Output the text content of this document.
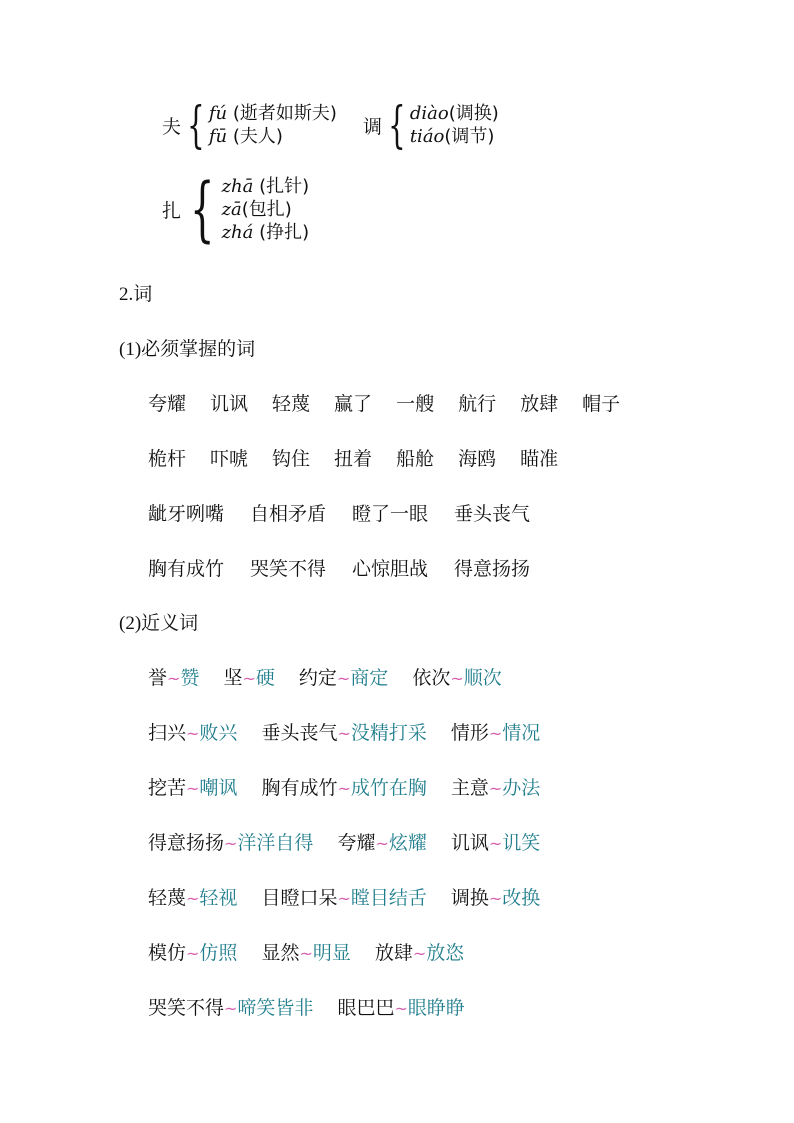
夫 { fú (逝者如斯夫)
fū (夫人)	调 { diào(调换)
tiáo(调节)
扎 { zhā (扎针)
zā(包扎)
zhá (挣扎)
2.词
(1)必须掌握的词
夸耀 讥讽 轻蔑 赢了 一艘 航行 放肆 帽子
桅杆 吓唬 钩住 扭着 船舱 海鸥 瞄准
龇牙咧嘴 自相矛盾 瞪了一眼 垂头丧气
胸有成竹 哭笑不得 心惊胆战 得意扬扬
(2)近义词
誉~赞 坚~硬 约定~商定 依次~顺次
扫兴~败兴 垂头丧气~没精打采 情形~情况
挖苦~嘲讽 胸有成竹~成竹在胸 主意~办法
得意扬扬~洋洋自得 夸耀~炫耀 讥讽~讥笑
轻蔑~轻视 目瞪口呆~瞠目结舌 调换~改换
模仿~仿照 显然~明显 放肆~放恣
哭笑不得~啼笑皆非 眼巴巴~眼睁睁
